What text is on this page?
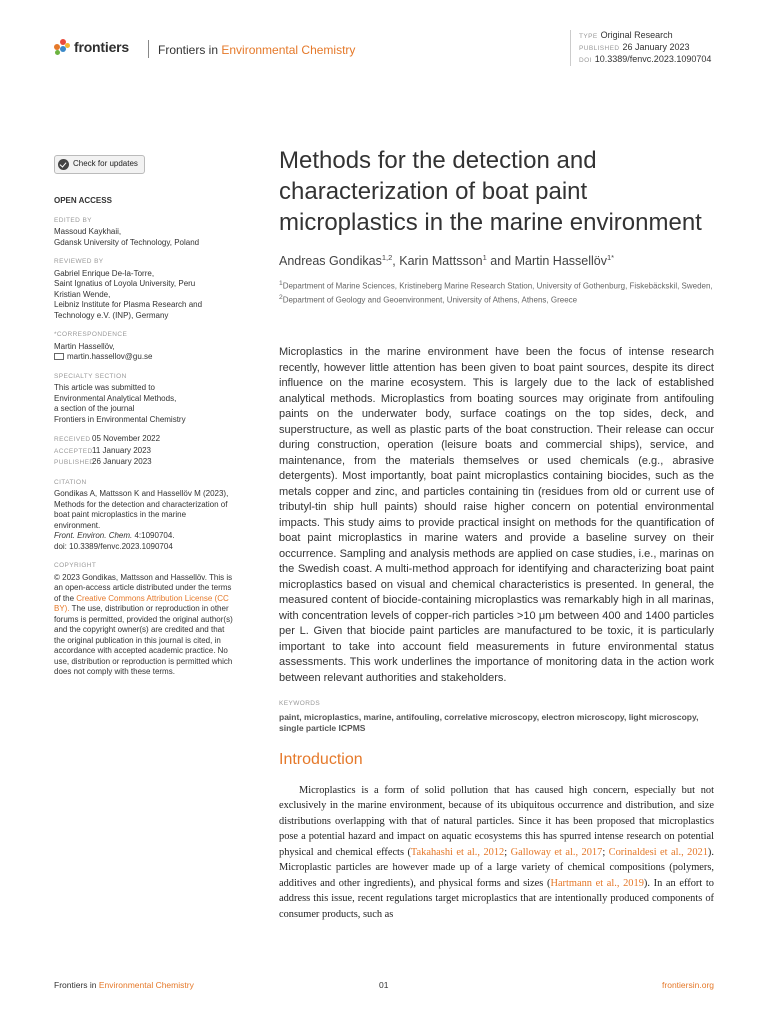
frontiers Frontiers in Environmental Chemistry
TYPE Original Research
PUBLISHED 26 January 2023
DOI 10.3389/fenvc.2023.1090704
Check for updates
OPEN ACCESS
EDITED BY
Massoud Kaykhaii,
Gdansk University of Technology, Poland
REVIEWED BY
Gabriel Enrique De-la-Torre,
Saint Ignatius of Loyola University, Peru
Kristian Wende,
Leibniz Institute for Plasma Research and
Technology e.V. (INP), Germany
*CORRESPONDENCE
Martin Hassellöv,
martin.hassellov@gu.se
SPECIALTY SECTION
This article was submitted to
Environmental Analytical Methods,
a section of the journal
Frontiers in Environmental Chemistry
RECEIVED 05 November 2022
ACCEPTED11 January 2023
PUBLISHED26 January 2023
CITATION
Gondikas A, Mattsson K and Hassellöv M (2023), Methods for the detection and characterization of boat paint microplastics in the marine environment.
Front. Environ. Chem. 4:1090704.
doi: 10.3389/fenvc.2023.1090704
COPYRIGHT
© 2023 Gondikas, Mattsson and Hassellöv. This is an open-access article distributed under the terms of the Creative Commons Attribution License (CC BY). The use, distribution or reproduction in other forums is permitted, provided the original author(s) and the copyright owner(s) are credited and that the original publication in this journal is cited, in accordance with accepted academic practice. No use, distribution or reproduction is permitted which does not comply with these terms.
Methods for the detection and characterization of boat paint microplastics in the marine environment
Andreas Gondikas$^{1,2}$, Karin Mattsson$^1$ and Martin Hassellöv$^{1*}$
$^1$Department of Marine Sciences, Kristineberg Marine Research Station, University of Gothenburg, Fiskebäckskil, Sweden, $^2$Department of Geology and Geoenvironment, University of Athens, Athens, Greece
Microplastics in the marine environment have been the focus of intense research recently, however little attention has been given to boat paint sources, despite its direct influence on the marine ecosystem. This is largely due to the lack of established analytical methods. Microplastics from boating sources may originate from antifouling paints on the underwater body, surface coatings on the top sides, deck, and superstructure, as well as plastic parts of the boat construction. Their release can occur during construction, operation (leisure boats and commercial ships), service, and maintenance, from the materials themselves or used chemicals (e.g., abrasive detergents). Most importantly, boat paint microplastics containing biocides, such as the metals copper and zinc, and particles containing tin (residues from old or current use of tributyl-tin ship hull paints) should raise higher concern on potential environmental impacts. This study aims to provide practical insight on methods for the quantification of boat paint microplastics in marine waters and provide a baseline survey on their occurrence. Sampling and analysis methods are applied on case studies, i.e., marinas on the Swedish coast. A multi-method approach for identifying and characterizing boat paint microplastics based on visual and chemical characteristics is presented. In general, the measured content of biocide-containing microplastics was remarkably high in all marinas, with concentration levels of copper-rich particles >10 μm between 400 and 1400 particles per L. Given that biocide paint particles are manufactured to be toxic, it is particularly important to take into account field measurements in future environmental status assessments. This work underlines the importance of monitoring data in the action work between relevant authorities and stakeholders.
KEYWORDS
paint, microplastics, marine, antifouling, correlative microscopy, electron microscopy, light microscopy, single particle ICPMS
Introduction
Microplastics is a form of solid pollution that has caused high concern, especially but not exclusively in the marine environment, because of its ubiquitous occurrence and distribution, and size distributions overlapping with that of natural particles. Since it has been proposed that microplastics pose a potential hazard and impact on aquatic ecosystems this has spurred intense research on potential physical and chemical effects (Takahashi et al., 2012; Galloway et al., 2017; Corinaldesi et al., 2021). Microplastic particles are however made up of a large variety of chemical compositions (polymers, additives and other ingredients), and physical forms and sizes (Hartmann et al., 2019). In an effort to address this issue, recent regulations target microplastics that are intentionally produced components of consumer products, such as
Frontiers in Environmental Chemistry	01	frontiersin.org
